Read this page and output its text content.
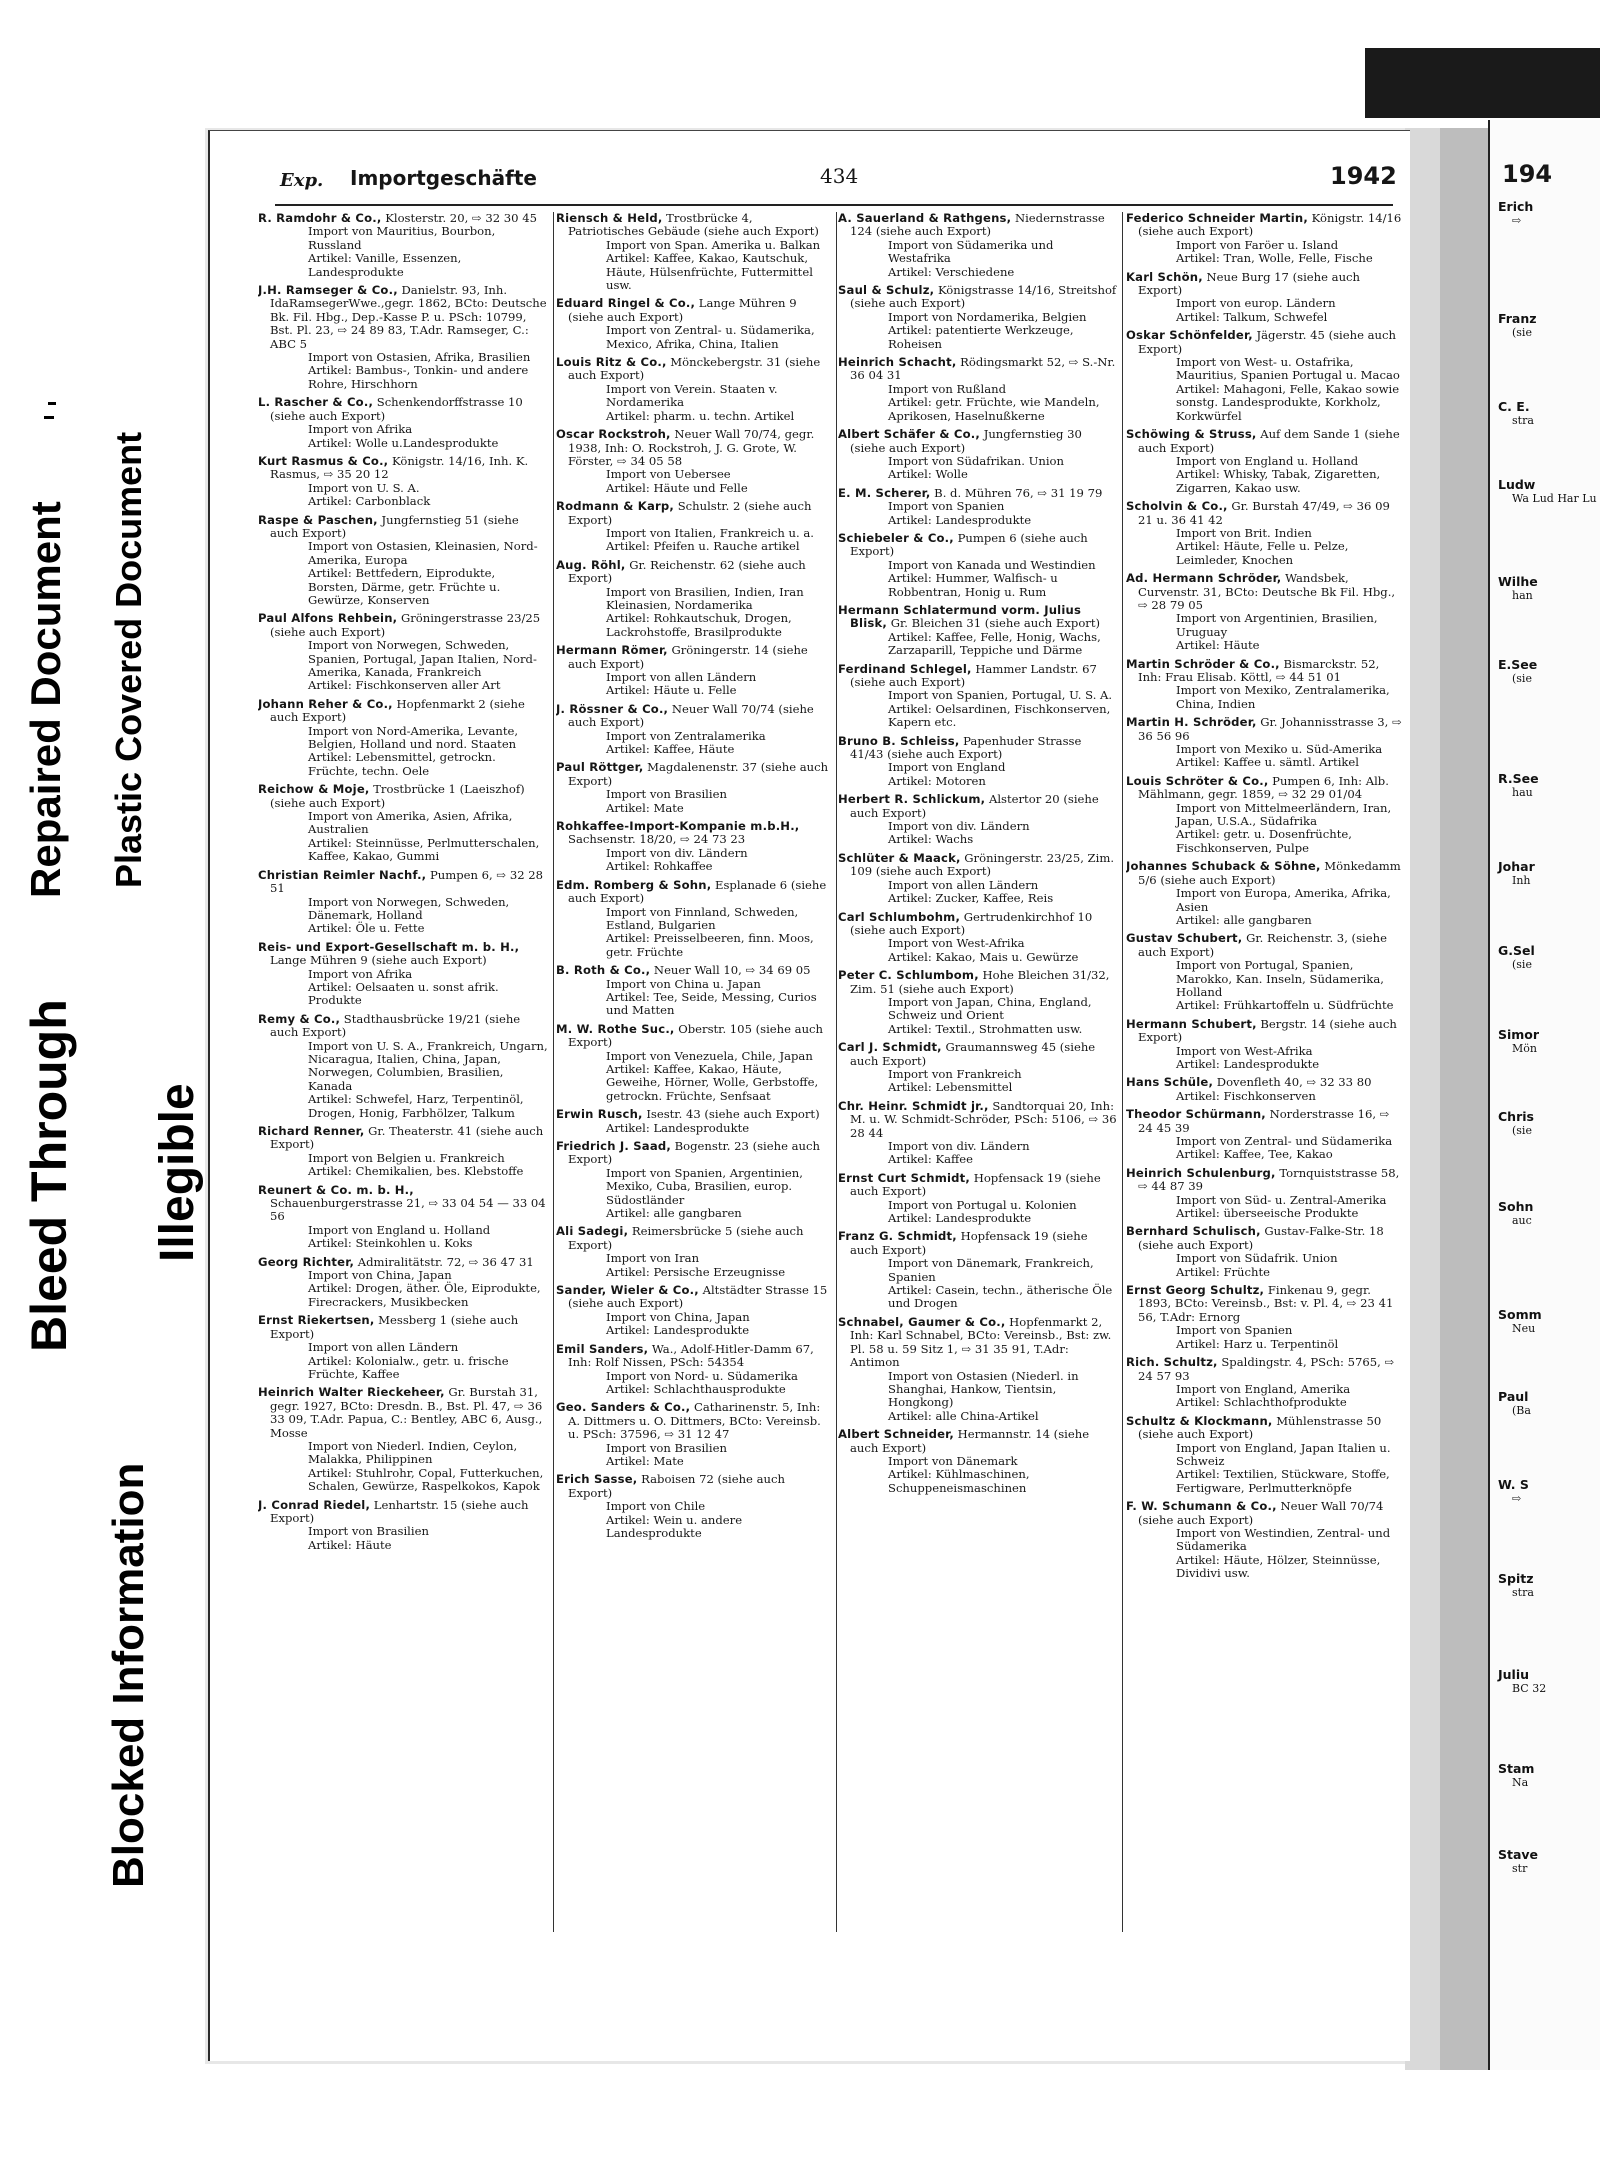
Bleed Through
Repaired Document Plastic Covered Document
Illegible
Blocked Information
194
Erich
⇨
Franz
(sie
C. E.
stra
Ludw
Wa Lud Har Lu
Wilhe
han
E.See
(sie
R.See
hau
Johar
Inh
G.Sel
(sie
Simor
Mön
Chris
(sie
Sohn
auc
Somm
Neu
Paul
(Ba
W. S
⇨
Spitz
stra
Juliu
BC 32
Stam
Na
Stave
str
Exp. Importgeschäfte	434	1942
R. Ramdohr & Co., Klosterstr. 20, ⇨ 32 30 45
Import von Mauritius, Bourbon, Russland
Artikel: Vanille, Essenzen, Landesprodukte
J.H. Ramseger & Co., Danielstr. 93, Inh. IdaRamsegerWwe.,gegr. 1862, BCto: Deutsche Bk. Fil. Hbg., Dep.-Kasse P. u. PSch: 10799, Bst. Pl. 23, ⇨ 24 89 83, T.Adr. Ramseger, C.: ABC 5
Import von Ostasien, Afrika, Brasilien
Artikel: Bambus-, Tonkin- und andere Rohre, Hirschhorn
L. Rascher & Co., Schenkendorffstrasse 10 (siehe auch Export)
Import von Afrika
Artikel: Wolle u.Landesprodukte
Kurt Rasmus & Co., Königstr. 14/16, Inh. K. Rasmus, ⇨ 35 20 12
Import von U. S. A.
Artikel: Carbonblack
Raspe & Paschen, Jungfernstieg 51 (siehe auch Export)
Import von Ostasien, Kleinasien, Nord-Amerika, Europa
Artikel: Bettfedern, Eiprodukte, Borsten, Därme, getr. Früchte u. Gewürze, Konserven
Paul Alfons Rehbein, Gröningerstrasse 23/25 (siehe auch Export)
Import von Norwegen, Schweden, Spanien, Portugal, Japan Italien, Nord-Amerika, Kanada, Frankreich
Artikel: Fischkonserven aller Art
Johann Reher & Co., Hopfenmarkt 2 (siehe auch Export)
Import von Nord-Amerika, Levante, Belgien, Holland und nord. Staaten
Artikel: Lebensmittel, getrockn. Früchte, techn. Oele
Reichow & Moje, Trostbrücke 1 (Laeiszhof) (siehe auch Export)
Import von Amerika, Asien, Afrika, Australien
Artikel: Steinnüsse, Perlmutterschalen, Kaffee, Kakao, Gummi
Christian Reimler Nachf., Pumpen 6, ⇨ 32 28 51
Import von Norwegen, Schweden, Dänemark, Holland
Artikel: Öle u. Fette
Reis- und Export-Gesellschaft m. b. H., Lange Mühren 9 (siehe auch Export)
Import von Afrika
Artikel: Oelsaaten u. sonst afrik. Produkte
Remy & Co., Stadthausbrücke 19/21 (siehe auch Export)
Import von U. S. A., Frankreich, Ungarn, Nicaragua, Italien, China, Japan, Norwegen, Columbien, Brasilien, Kanada
Artikel: Schwefel, Harz, Terpentinöl, Drogen, Honig, Farbhölzer, Talkum
Richard Renner, Gr. Theaterstr. 41 (siehe auch Export)
Import von Belgien u. Frankreich
Artikel: Chemikalien, bes. Klebstoffe
Reunert & Co. m. b. H., Schauenburgerstrasse 21, ⇨ 33 04 54 — 33 04 56
Import von England u. Holland
Artikel: Steinkohlen u. Koks
Georg Richter, Admiralitätstr. 72, ⇨ 36 47 31
Import von China, Japan
Artikel: Drogen, äther. Öle, Eiprodukte, Firecrackers, Musikbecken
Ernst Riekertsen, Messberg 1 (siehe auch Export)
Import von allen Ländern
Artikel: Kolonialw., getr. u. frische Früchte, Kaffee
Heinrich Walter Rieckeheer, Gr. Burstah 31, gegr. 1927, BCto: Dresdn. B., Bst. Pl. 47, ⇨ 36 33 09, T.Adr. Papua, C.: Bentley, ABC 6, Ausg., Mosse
Import von Niederl. Indien, Ceylon, Malakka, Philippinen
Artikel: Stuhlrohr, Copal, Futterkuchen, Schalen, Gewürze, Raspelkokos, Kapok
J. Conrad Riedel, Lenhartstr. 15 (siehe auch Export)
Import von Brasilien
Artikel: Häute
Riensch & Held, Trostbrücke 4, Patriotisches Gebäude (siehe auch Export)
Import von Span. Amerika u. Balkan
Artikel: Kaffee, Kakao, Kautschuk, Häute, Hülsenfrüchte, Futtermittel usw.
Eduard Ringel & Co., Lange Mühren 9 (siehe auch Export)
Import von Zentral- u. Südamerika, Mexico, Afrika, China, Italien
Louis Ritz & Co., Mönckebergstr. 31 (siehe auch Export)
Import von Verein. Staaten v. Nordamerika
Artikel: pharm. u. techn. Artikel
Oscar Rockstroh, Neuer Wall 70/74, gegr. 1938, Inh: O. Rockstroh, J. G. Grote, W. Förster, ⇨ 34 05 58
Import von Uebersee
Artikel: Häute und Felle
Rodmann & Karp, Schulstr. 2 (siehe auch Export)
Import von Italien, Frankreich u. a.
Artikel: Pfeifen u. Rauche artikel
Aug. Röhl, Gr. Reichenstr. 62 (siehe auch Export)
Import von Brasilien, Indien, Iran Kleinasien, Nordamerika
Artikel: Rohkautschuk, Drogen, Lackrohstoffe, Brasilprodukte
Hermann Römer, Gröningerstr. 14 (siehe auch Export)
Import von allen Ländern
Artikel: Häute u. Felle
J. Rössner & Co., Neuer Wall 70/74 (siehe auch Export)
Import von Zentralamerika
Artikel: Kaffee, Häute
Paul Röttger, Magdalenenstr. 37 (siehe auch Export)
Import von Brasilien
Artikel: Mate
Rohkaffee-Import-Kompanie m.b.H., Sachsenstr. 18/20, ⇨ 24 73 23
Import von div. Ländern
Artikel: Rohkaffee
Edm. Romberg & Sohn, Esplanade 6 (siehe auch Export)
Import von Finnland, Schweden, Estland, Bulgarien
Artikel: Preisselbeeren, finn. Moos, getr. Früchte
B. Roth & Co., Neuer Wall 10, ⇨ 34 69 05
Import von China u. Japan
Artikel: Tee, Seide, Messing, Curios und Matten
M. W. Rothe Suc., Oberstr. 105 (siehe auch Export)
Import von Venezuela, Chile, Japan
Artikel: Kaffee, Kakao, Häute, Geweihe, Hörner, Wolle, Gerbstoffe, getrockn. Früchte, Senfsaat
Erwin Rusch, Isestr. 43 (siehe auch Export)
Artikel: Landesprodukte
Friedrich J. Saad, Bogenstr. 23 (siehe auch Export)
Import von Spanien, Argentinien, Mexiko, Cuba, Brasilien, europ. Südostländer
Artikel: alle gangbaren
Ali Sadegi, Reimersbrücke 5 (siehe auch Export)
Import von Iran
Artikel: Persische Erzeugnisse
Sander, Wieler & Co., Altstädter Strasse 15 (siehe auch Export)
Import von China, Japan
Artikel: Landesprodukte
Emil Sanders, Wa., Adolf-Hitler-Damm 67, Inh: Rolf Nissen, PSch: 54354
Import von Nord- u. Südamerika
Artikel: Schlachthausprodukte
Geo. Sanders & Co., Catharinenstr. 5, Inh: A. Dittmers u. O. Dittmers, BCto: Vereinsb. u. PSch: 37596, ⇨ 31 12 47
Import von Brasilien
Artikel: Mate
Erich Sasse, Raboisen 72 (siehe auch Export)
Import von Chile
Artikel: Wein u. andere Landesprodukte
A. Sauerland & Rathgens, Niedernstrasse 124 (siehe auch Export)
Import von Südamerika und Westafrika
Artikel: Verschiedene
Saul & Schulz, Königstrasse 14/16, Streitshof (siehe auch Export)
Import von Nordamerika, Belgien
Artikel: patentierte Werkzeuge, Roheisen
Heinrich Schacht, Rödingsmarkt 52, ⇨ S.-Nr. 36 04 31
Import von Rußland
Artikel: getr. Früchte, wie Mandeln, Aprikosen, Haselnußkerne
Albert Schäfer & Co., Jungfernstieg 30 (siehe auch Export)
Import von Südafrikan. Union
Artikel: Wolle
E. M. Scherer, B. d. Mühren 76, ⇨ 31 19 79
Import von Spanien
Artikel: Landesprodukte
Schiebeler & Co., Pumpen 6 (siehe auch Export)
Import von Kanada und Westindien
Artikel: Hummer, Walfisch- u Robbentran, Honig u. Rum
Hermann Schlatermund vorm. Julius Blisk, Gr. Bleichen 31 (siehe auch Export)
Artikel: Kaffee, Felle, Honig, Wachs, Zarzaparill, Teppiche und Därme
Ferdinand Schlegel, Hammer Landstr. 67 (siehe auch Export)
Import von Spanien, Portugal, U. S. A.
Artikel: Oelsardinen, Fischkonserven, Kapern etc.
Bruno B. Schleiss, Papenhuder Strasse 41/43 (siehe auch Export)
Import von England
Artikel: Motoren
Herbert R. Schlickum, Alstertor 20 (siehe auch Export)
Import von div. Ländern
Artikel: Wachs
Schlüter & Maack, Gröningerstr. 23/25, Zim. 109 (siehe auch Export)
Import von allen Ländern
Artikel: Zucker, Kaffee, Reis
Carl Schlumbohm, Gertrudenkirchhof 10 (siehe auch Export)
Import von West-Afrika
Artikel: Kakao, Mais u. Gewürze
Peter C. Schlumbom, Hohe Bleichen 31/32, Zim. 51 (siehe auch Export)
Import von Japan, China, England, Schweiz und Orient
Artikel: Textil., Strohmatten usw.
Carl J. Schmidt, Graumannsweg 45 (siehe auch Export)
Import von Frankreich
Artikel: Lebensmittel
Chr. Heinr. Schmidt jr., Sandtorquai 20, Inh: M. u. W. Schmidt-Schröder, PSch: 5106, ⇨ 36 28 44
Import von div. Ländern
Artikel: Kaffee
Ernst Curt Schmidt, Hopfensack 19 (siehe auch Export)
Import von Portugal u. Kolonien
Artikel: Landesprodukte
Franz G. Schmidt, Hopfensack 19 (siehe auch Export)
Import von Dänemark, Frankreich, Spanien
Artikel: Casein, techn., ätherische Öle und Drogen
Schnabel, Gaumer & Co., Hopfenmarkt 2, Inh: Karl Schnabel, BCto: Vereinsb., Bst: zw. Pl. 58 u. 59 Sitz 1, ⇨ 31 35 91, T.Adr: Antimon
Import von Ostasien (Niederl. in Shanghai, Hankow, Tientsin, Hongkong)
Artikel: alle China-Artikel
Albert Schneider, Hermannstr. 14 (siehe auch Export)
Import von Dänemark
Artikel: Kühlmaschinen, Schuppeneismaschinen
Federico Schneider Martin, Königstr. 14/16 (siehe auch Export)
Import von Faröer u. Island
Artikel: Tran, Wolle, Felle, Fische
Karl Schön, Neue Burg 17 (siehe auch Export)
Import von europ. Ländern
Artikel: Talkum, Schwefel
Oskar Schönfelder, Jägerstr. 45 (siehe auch Export)
Import von West- u. Ostafrika, Mauritius, Spanien Portugal u. Macao
Artikel: Mahagoni, Felle, Kakao sowie sonstg. Landesprodukte, Korkholz, Korkwürfel
Schöwing & Struss, Auf dem Sande 1 (siehe auch Export)
Import von England u. Holland
Artikel: Whisky, Tabak, Zigaretten, Zigarren, Kakao usw.
Scholvin & Co., Gr. Burstah 47/49, ⇨ 36 09 21 u. 36 41 42
Import von Brit. Indien
Artikel: Häute, Felle u. Pelze, Leimleder, Knochen
Ad. Hermann Schröder, Wandsbek, Curvenstr. 31, BCto: Deutsche Bk Fil. Hbg., ⇨ 28 79 05
Import von Argentinien, Brasilien, Uruguay
Artikel: Häute
Martin Schröder & Co., Bismarckstr. 52, Inh: Frau Elisab. Köttl, ⇨ 44 51 01
Import von Mexiko, Zentralamerika, China, Indien
Martin H. Schröder, Gr. Johannisstrasse 3, ⇨ 36 56 96
Import von Mexiko u. Süd-Amerika
Artikel: Kaffee u. sämtl. Artikel
Louis Schröter & Co., Pumpen 6, Inh: Alb. Mählmann, gegr. 1859, ⇨ 32 29 01/04
Import von Mittelmeerländern, Iran, Japan, U.S.A., Südafrika
Artikel: getr. u. Dosenfrüchte, Fischkonserven, Pulpe
Johannes Schuback & Söhne, Mönkedamm 5/6 (siehe auch Export)
Import von Europa, Amerika, Afrika, Asien
Artikel: alle gangbaren
Gustav Schubert, Gr. Reichenstr. 3, (siehe auch Export)
Import von Portugal, Spanien, Marokko, Kan. Inseln, Südamerika, Holland
Artikel: Frühkartoffeln u. Südfrüchte
Hermann Schubert, Bergstr. 14 (siehe auch Export)
Import von West-Afrika
Artikel: Landesprodukte
Hans Schüle, Dovenfleth 40, ⇨ 32 33 80
Artikel: Fischkonserven
Theodor Schürmann, Norderstrasse 16, ⇨ 24 45 39
Import von Zentral- und Südamerika
Artikel: Kaffee, Tee, Kakao
Heinrich Schulenburg, Tornquiststrasse 58, ⇨ 44 87 39
Import von Süd- u. Zentral-Amerika
Artikel: überseeische Produkte
Bernhard Schulisch, Gustav-Falke-Str. 18 (siehe auch Export)
Import von Südafrik. Union
Artikel: Früchte
Ernst Georg Schultz, Finkenau 9, gegr. 1893, BCto: Vereinsb., Bst: v. Pl. 4, ⇨ 23 41 56, T.Adr: Ernorg
Import von Spanien
Artikel: Harz u. Terpentinöl
Rich. Schultz, Spaldingstr. 4, PSch: 5765, ⇨ 24 57 93
Import von England, Amerika
Artikel: Schlachthofprodukte
Schultz & Klockmann, Mühlenstrasse 50 (siehe auch Export)
Import von England, Japan Italien u. Schweiz
Artikel: Textilien, Stückware, Stoffe, Fertigware, Perlmutterknöpfe
F. W. Schumann & Co., Neuer Wall 70/74 (siehe auch Export)
Import von Westindien, Zentral- und Südamerika
Artikel: Häute, Hölzer, Steinnüsse, Dividivi usw.
